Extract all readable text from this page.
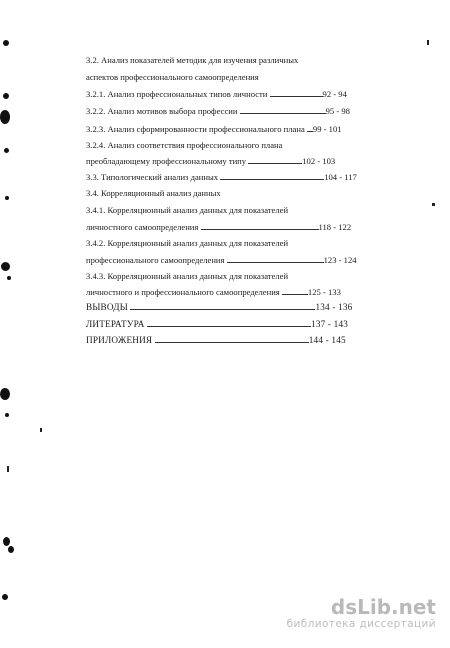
3.2. Анализ показателей методик для изучения различных
аспектов профессионального самоопределения
3.2.1. Анализ профессиональных типов личности	92 - 94
3.2.2. Анализ мотивов выбора профессии	95 - 98
3.2.3. Анализ сформированности профессионального плана 99 - 101
3.2.4. Анализ соответствия профессионального плана
преобладающему профессиональному типу	102 - 103
3.3. Типологический анализ данных	104 - 117
3.4. Корреляционный анализ данных
3.4.1. Корреляционный анализ данных для показателей
личностного самоопределения	118 - 122
3.4.2. Корреляционный анализ данных для показателей
профессионального самоопределения	123 - 124
3.4.3. Корреляционный анализ данных для показателей
личностного и профессионального самоопределения	125 - 133
ВЫВОДЫ	134 - 136
ЛИТЕРАТУРА	137 - 143
ПРИЛОЖЕНИЯ	144 - 145
dsLib.net
библиотека диссертаций
